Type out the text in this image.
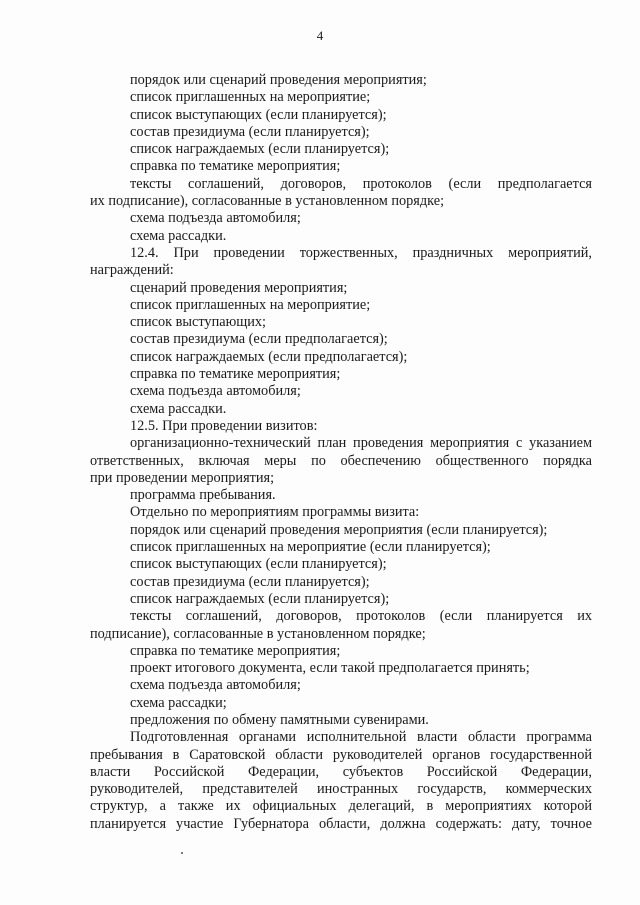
4
порядок или сценарий проведения мероприятия;
список приглашенных на мероприятие;
список выступающих (если планируется);
состав президиума (если планируется);
список награждаемых (если планируется);
справка по тематике мероприятия;
тексты соглашений, договоров, протоколов (если предполагается
их подписание), согласованные в установленном порядке;
схема подъезда автомобиля;
схема рассадки.
12.4. При проведении торжественных, праздничных мероприятий,
награждений:
сценарий проведения мероприятия;
список приглашенных на мероприятие;
список выступающих;
состав президиума (если предполагается);
список награждаемых (если предполагается);
справка по тематике мероприятия;
схема подъезда автомобиля;
схема рассадки.
12.5. При проведении визитов:
организационно-технический план проведения мероприятия с указанием
ответственных, включая меры по обеспечению общественного порядка
при проведении мероприятия;
программа пребывания.
Отдельно по мероприятиям программы визита:
порядок или сценарий проведения мероприятия (если планируется);
список приглашенных на мероприятие (если планируется);
список выступающих (если планируется);
состав президиума (если планируется);
список награждаемых (если планируется);
тексты соглашений, договоров, протоколов (если планируется их
подписание), согласованные в установленном порядке;
справка по тематике мероприятия;
проект итогового документа, если такой предполагается принять;
схема подъезда автомобиля;
схема рассадки;
предложения по обмену памятными сувенирами.
Подготовленная органами исполнительной власти области программа
пребывания в Саратовской области руководителей органов государственной
власти Российской Федерации, субъектов Российской Федерации,
руководителей, представителей иностранных государств, коммерческих
структур, а также их официальных делегаций, в мероприятиях которой
планируется участие Губернатора области, должна содержать: дату, точное
